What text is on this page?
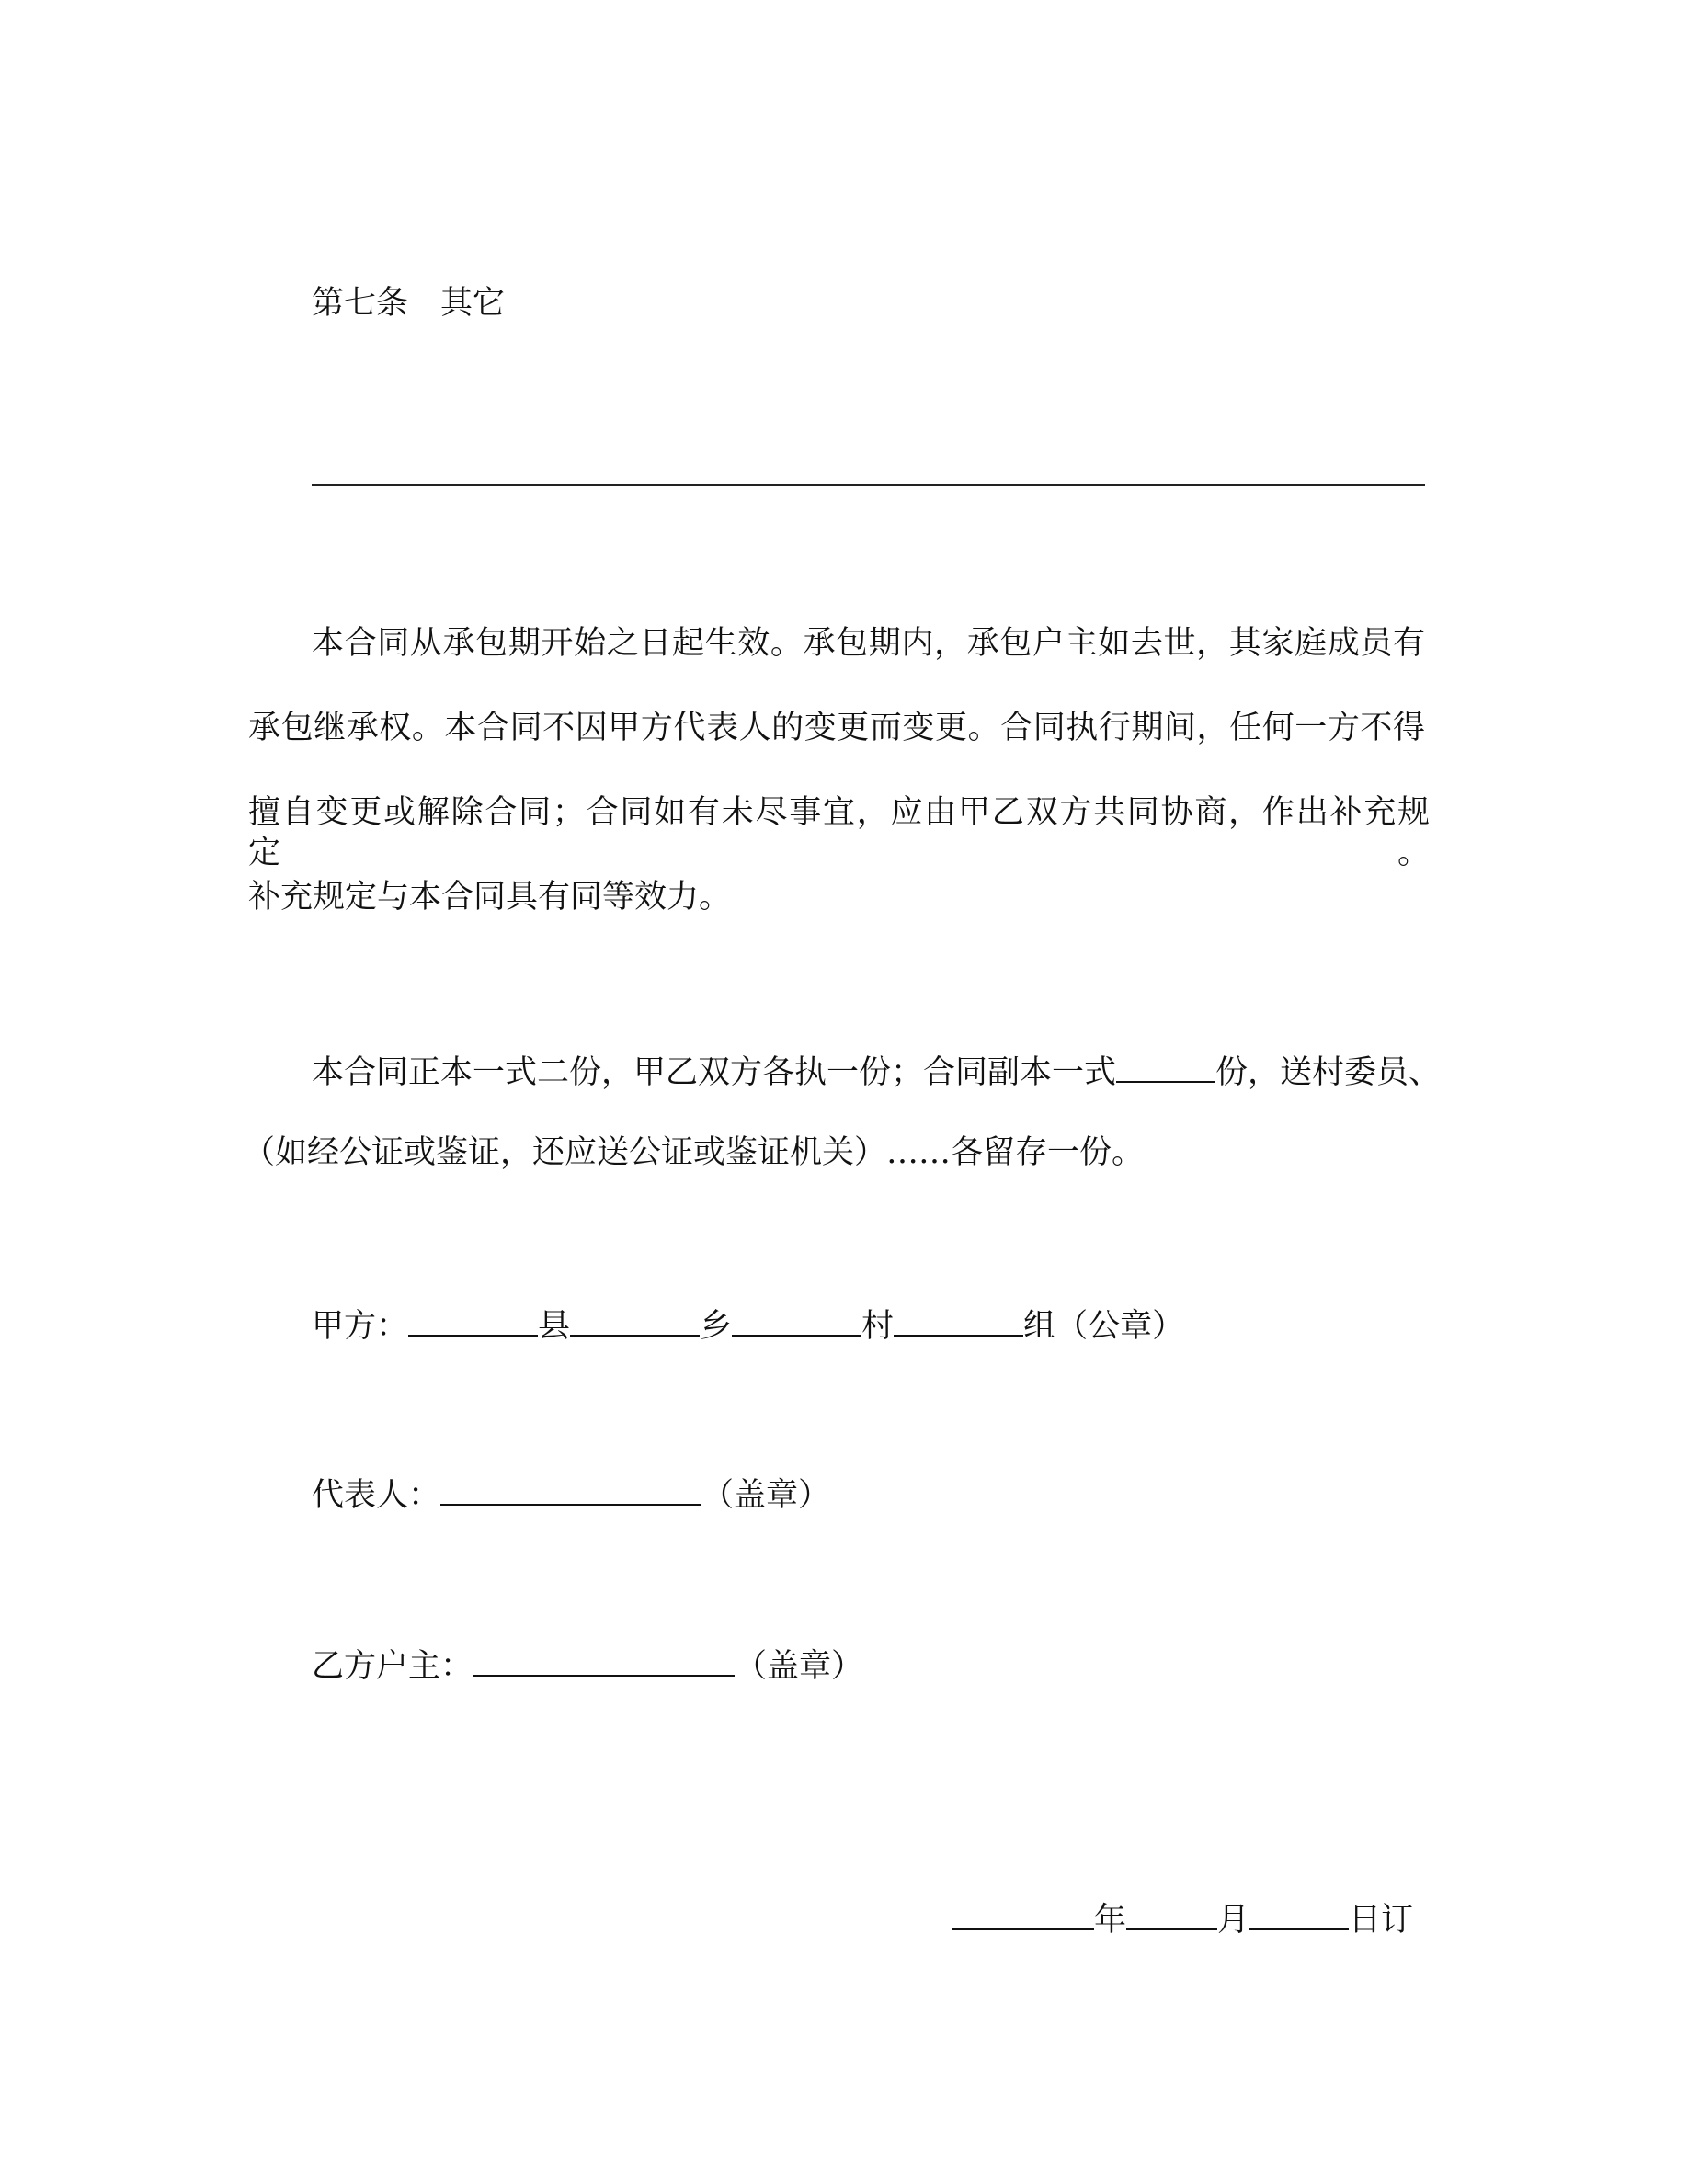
第七条　其它
本合同从承包期开始之日起生效。承包期内，承包户主如去世，其家庭成员有
承包继承权。本合同不因甲方代表人的变更而变更。合同执行期间，任何一方不得
擅自变更或解除合同；合同如有未尽事宜，应由甲乙双方共同协商，作出补充规定。
补充规定与本合同具有同等效力。
本合同正本一式二份，甲乙双方各执一份；合同副本一式	份，送村委员、
（如经公证或鉴证，还应送公证或鉴证机关）……各留存一份。
甲方：	县	乡	村	组（公章）
代表人：	（盖章）
乙方户主：	（盖章）
年	月	日订
